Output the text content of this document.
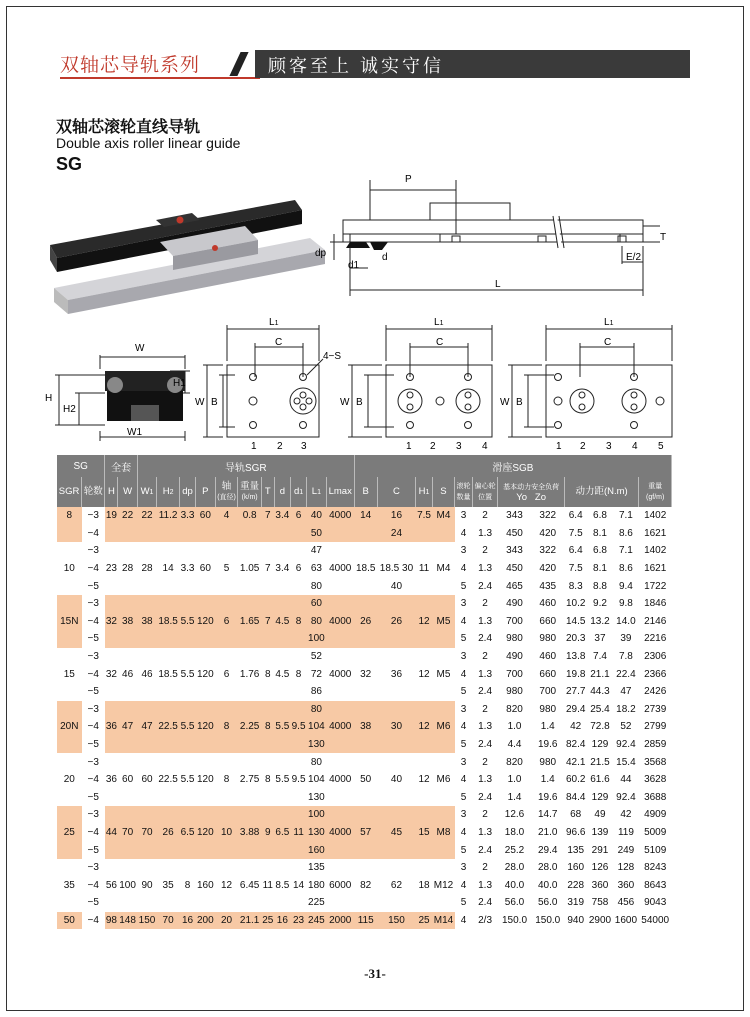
双轴芯导轨系列	顾客至上 诚实守信
双轴芯滚轮直线导轨
Double axis roller linear guide
SG
P
T
dp
d1
d	E/2
L
W
W1
H
H2
H1
L1
C
4−S
W B
1 2 3
L1
C
W B
1 2 3 4
L1
C
W B
1 2 3 4 5
SG		全套		导轨SGR											滑座SGB											
SGR	轮数	H	W	W1	H2	dp	P	轴
(直径)	重量
(k/m)	T	d	d1	L1	Lmax	B	C	H1	S	滚轮
数量	偏心轮
位置	基本动力安全负荷
Yo Zo		动力距(N.m)			重量
(gf/m)
8	−3	19	22	22	11.2	3.3	60	4	0.8	7	3.4	6	40	4000	14	16	7.5	M4	3	2	343	322	6.4	6.8	7.1	1402
	−4												50			24			4	1.3	450	420	7.5	8.1	8.6	1621
	−3												47						3	2	343	322	6.4	6.8	7.1	1402
10	−4	23	28	28	14	3.3	60	5	1.05	7	3.4	6	63	4000	18.5	18.5 30	11	M4	4	1.3	450	420	7.5	8.1	8.6	1621
	−5												80			40			5	2.4	465	435	8.3	8.8	9.4	1722
	−3												60						3	2	490	460	10.2	9.2	9.8	1846
15N	−4	32	38	38	18.5	5.5	120	6	1.65	7	4.5	8	80	4000	26	26	12	M5	4	1.3	700	660	14.5	13.2	14.0	2146
	−5												100						5	2.4	980	980	20.3	37	39	2216
	−3												52						3	2	490	460	13.8	7.4	7.8	2306
15	−4	32	46	46	18.5	5.5	120	6	1.76	8	4.5	8	72	4000	32	36	12	M5	4	1.3	700	660	19.8	21.1	22.4	2366
	−5												86						5	2.4	980	700	27.7	44.3	47	2426
	−3												80						3	2	820	980	29.4	25.4	18.2	2739
20N	−4	36	47	47	22.5	5.5	120	8	2.25	8	5.5	9.5	104	4000	38	30	12	M6	4	1.3	1.0	1.4	42	72.8	52	2799
	−5												130						5	2.4	4.4	19.6	82.4	129	92.4	2859
	−3												80						3	2	820	980	42.1	21.5	15.4	3568
20	−4	36	60	60	22.5	5.5	120	8	2.75	8	5.5	9.5	104	4000	50	40	12	M6	4	1.3	1.0	1.4	60.2	61.6	44	3628
	−5												130						5	2.4	1.4	19.6	84.4	129	92.4	3688
	−3												100						3	2	12.6	14.7	68	49	42	4909
25	−4	44	70	70	26	6.5	120	10	3.88	9	6.5	11	130	4000	57	45	15	M8	4	1.3	18.0	21.0	96.6	139	119	5009
	−5												160						5	2.4	25.2	29.4	135	291	249	5109
	−3												135						3	2	28.0	28.0	160	126	128	8243
35	−4	56	100	90	35	8	160	12	6.45	11	8.5	14	180	6000	82	62	18	M12	4	1.3	40.0	40.0	228	360	360	8643
	−5												225						5	2.4	56.0	56.0	319	758	456	9043
50	−4	98	148	150	70	16	200	20	21.1	25	16	23	245	2000	115	150	25	M14	4	2/3	150.0	150.0	940	2900	1600	54000
-31-
